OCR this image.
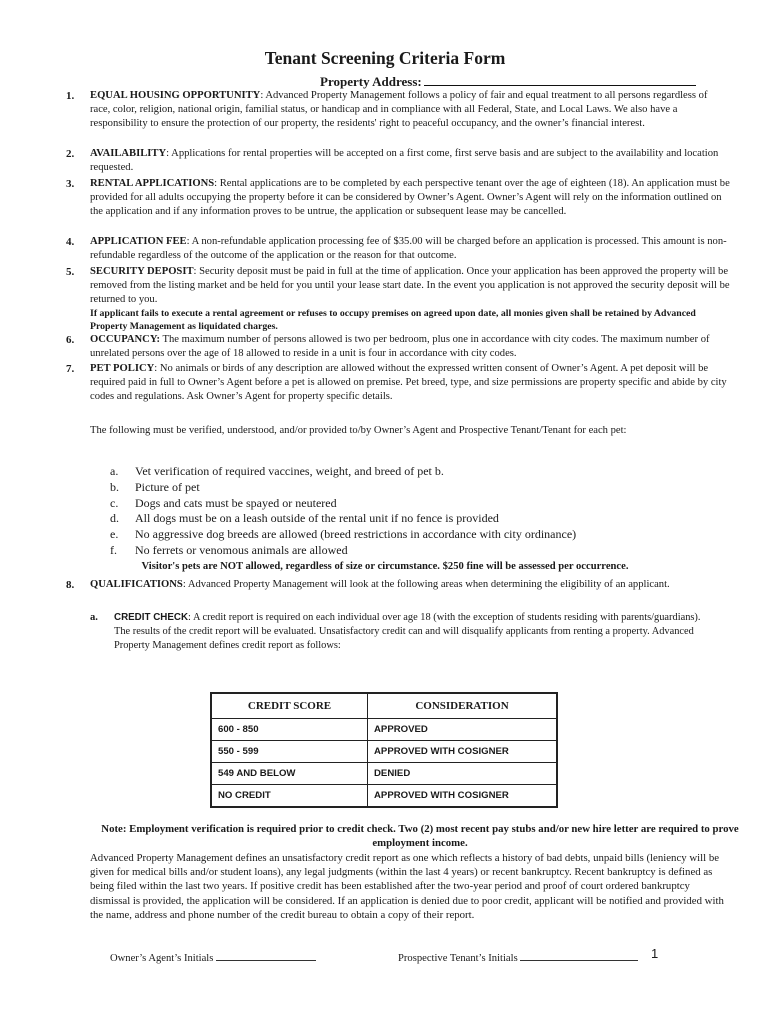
Tenant Screening Criteria Form
Property Address:
1. EQUAL HOUSING OPPORTUNITY: Advanced Property Management follows a policy of fair and equal treatment to all persons regardless of race, color, religion, national origin, familial status, or handicap and in compliance with all Federal, State, and Local Laws. We also have a responsibility to ensure the protection of our property, the residents' right to peaceful occupancy, and the owner’s financial interest.
2. AVAILABILITY: Applications for rental properties will be accepted on a first come, first serve basis and are subject to the availability and location requested.
3. RENTAL APPLICATIONS: Rental applications are to be completed by each perspective tenant over the age of eighteen (18). An application must be provided for all adults occupying the property before it can be considered by Owner’s Agent. Owner’s Agent will rely on the information outlined on the application and if any information proves to be untrue, the application or subsequent lease may be cancelled.
4. APPLICATION FEE: A non-refundable application processing fee of $35.00 will be charged before an application is processed. This amount is non-refundable regardless of the outcome of the application or the reason for that outcome.
5. SECURITY DEPOSIT: Security deposit must be paid in full at the time of application. Once your application has been approved the property will be removed from the listing market and be held for you until your lease start date. In the event you application is not approved the security deposit will be returned to you.
If applicant fails to execute a rental agreement or refuses to occupy premises on agreed upon date, all monies given shall be retained by Advanced Property Management as liquidated charges.
6. OCCUPANCY: The maximum number of persons allowed is two per bedroom, plus one in accordance with city codes. The maximum number of unrelated persons over the age of 18 allowed to reside in a unit is four in accordance with city codes.
7. PET POLICY: No animals or birds of any description are allowed without the expressed written consent of Owner’s Agent. A pet deposit will be required paid in full to Owner’s Agent before a pet is allowed on premise. Pet breed, type, and size permissions are property specific and abide by city codes and regulations. Ask Owner’s Agent for property specific details.
The following must be verified, understood, and/or provided to/by Owner’s Agent and Prospective Tenant/Tenant for each pet:
a.	Vet verification of required vaccines, weight, and breed of pet b.
b.	Picture of pet
c.	Dogs and cats must be spayed or neutered
d.	All dogs must be on a leash outside of the rental unit if no fence is provided
e.	No aggressive dog breeds are allowed (breed restrictions in accordance with city ordinance)
f.	No ferrets or venomous animals are allowed
Visitor's pets are NOT allowed, regardless of size or circumstance. $250 fine will be assessed per occurrence.
8. QUALIFICATIONS: Advanced Property Management will look at the following areas when determining the eligibility of an applicant.
a. CREDIT CHECK: A credit report is required on each individual over age 18 (with the exception of students residing with parents/guardians). The results of the credit report will be evaluated. Unsatisfactory credit can and will disqualify applicants from renting a property. Advanced Property Management defines credit report as follows:
CREDIT SCORE	CONSIDERATION
600 - 850	APPROVED
550 - 599	APPROVED WITH COSIGNER
549 AND BELOW	DENIED
NO CREDIT	APPROVED WITH COSIGNER
Note: Employment verification is required prior to credit check. Two (2) most recent pay stubs and/or new hire letter are required to prove employment income.
Advanced Property Management defines an unsatisfactory credit report as one which reflects a history of bad debts, unpaid bills (leniency will be given for medical bills and/or student loans), any legal judgments (within the last 4 years) or recent bankruptcy. Recent bankruptcy is defined as being filed within the last two years. If positive credit has been established after the two-year period and proof of court ordered bankruptcy dismissal is provided, the application will be considered. If an application is denied due to poor credit, applicant will be notified and provided with the name, address and phone number of the credit bureau to obtain a copy of their report.
Owner’s Agent’s Initials	Prospective Tenant’s Initials	1
